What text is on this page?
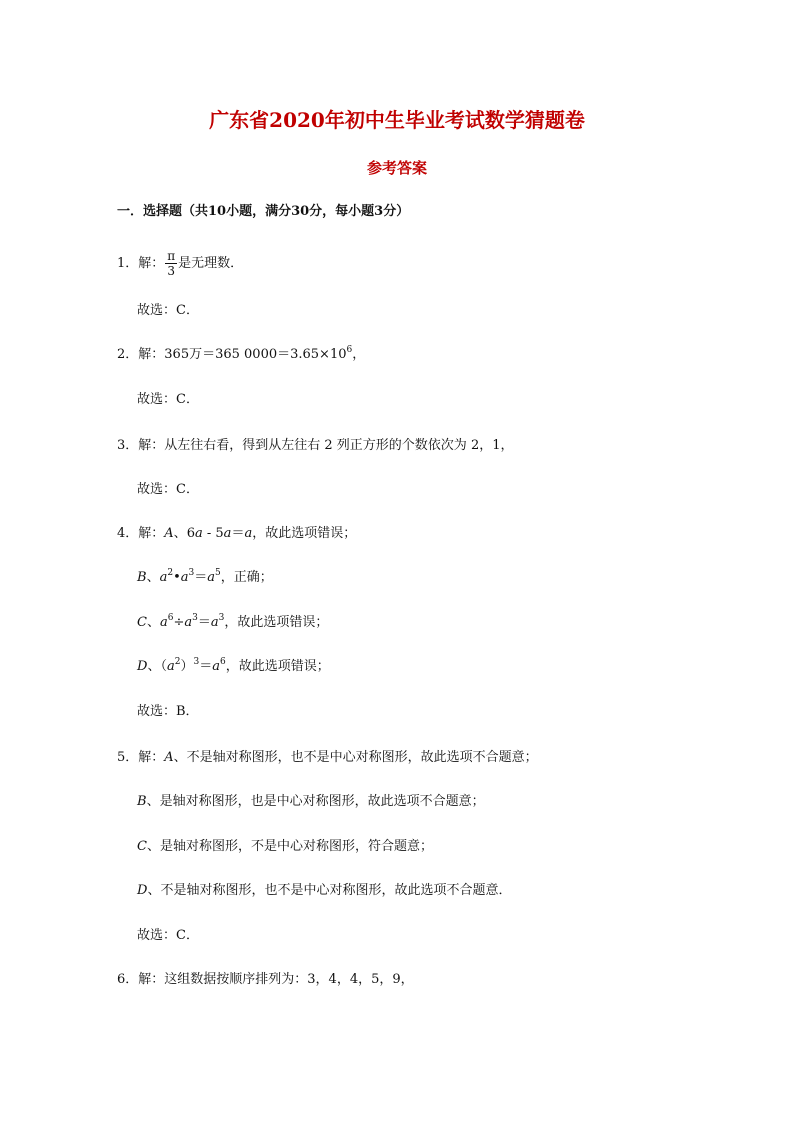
广东省2020年初中生毕业考试数学猜题卷
参考答案
一．选择题（共10小题，满分30分，每小题3分）
1．解： $\frac{\pi}{3}$ 是无理数．
故选：C．
2．解：365万＝365 $0000=3.65\times 10^6$，
故选：C．
3．解：从左往右看，得到从左往右 2 列正方形的个数依次为 2，1，
故选：C．
4．解：A、6a - 5a＝a，故此选项错误；
B、$a^2•a^3=a^5$，正确；
C、$a^6\div a^3=a^3$，故此选项错误；
D、$(a^2)^3=a^6$，故此选项错误；
故选：B．
5．解：A、不是轴对称图形，也不是中心对称图形，故此选项不合题意；
B、是轴对称图形，也是中心对称图形，故此选项不合题意；
C、是轴对称图形，不是中心对称图形，符合题意；
D、不是轴对称图形，也不是中心对称图形，故此选项不合题意．
故选：C．
6．解：这组数据按顺序排列为：3，4，4，5，9，
